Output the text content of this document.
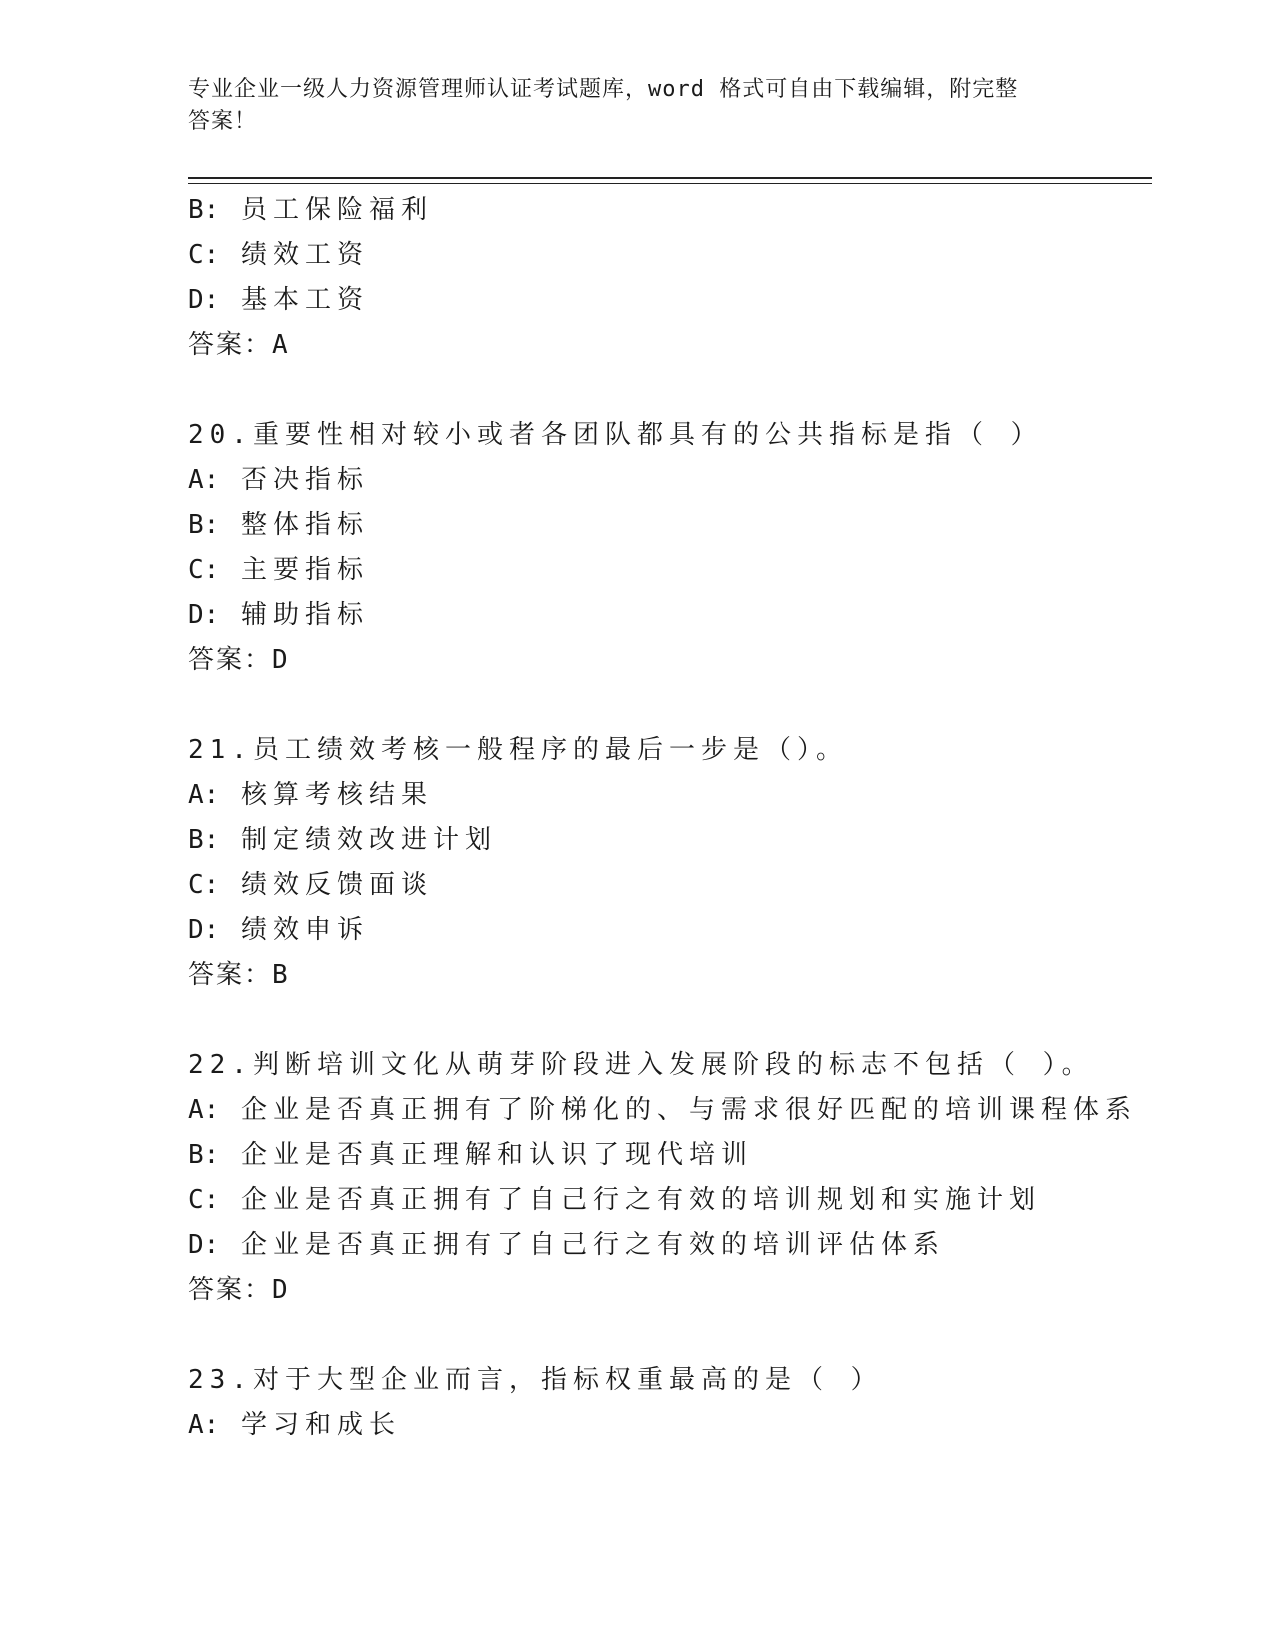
专业企业一级人力资源管理师认证考试题库，word 格式可自由下载编辑，附完整
答案！
B: 员工保险福利
C: 绩效工资
D: 基本工资
答案：A
20.重要性相对较小或者各团队都具有的公共指标是指（ ）
A: 否决指标
B: 整体指标
C: 主要指标
D: 辅助指标
答案：D
21.员工绩效考核一般程序的最后一步是（）。
A: 核算考核结果
B: 制定绩效改进计划
C: 绩效反馈面谈
D: 绩效申诉
答案：B
22.判断培训文化从萌芽阶段进入发展阶段的标志不包括（ ）。
A: 企业是否真正拥有了阶梯化的、与需求很好匹配的培训课程体系
B: 企业是否真正理解和认识了现代培训
C: 企业是否真正拥有了自己行之有效的培训规划和实施计划
D: 企业是否真正拥有了自己行之有效的培训评估体系
答案：D
23.对于大型企业而言，指标权重最高的是（ ）
A: 学习和成长
